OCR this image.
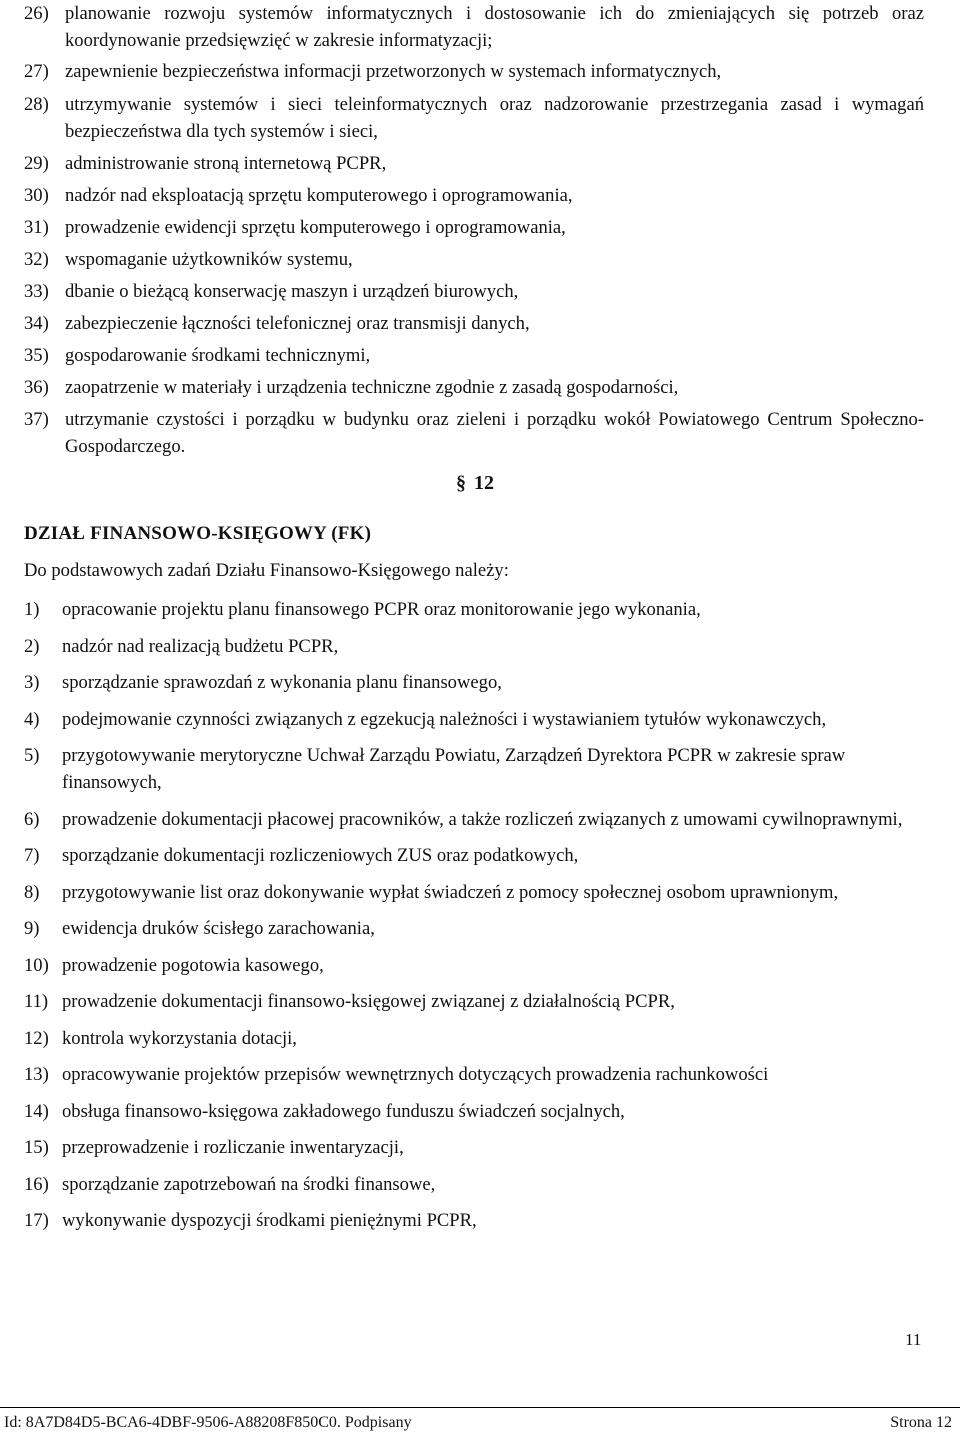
26) planowanie rozwoju systemów informatycznych i dostosowanie ich do zmieniających się potrzeb oraz koordynowanie przedsięwzięć w zakresie informatyzacji;
27) zapewnienie bezpieczeństwa informacji przetworzonych w systemach informatycznych,
28) utrzymywanie systemów i sieci teleinformatycznych oraz nadzorowanie przestrzegania zasad i wymagań bezpieczeństwa dla tych systemów i sieci,
29) administrowanie stroną internetową PCPR,
30) nadzór nad eksploatacją sprzętu komputerowego i oprogramowania,
31) prowadzenie ewidencji sprzętu komputerowego i oprogramowania,
32) wspomaganie użytkowników systemu,
33) dbanie o bieżącą konserwację maszyn i urządzeń biurowych,
34) zabezpieczenie łączności telefonicznej oraz transmisji danych,
35) gospodarowanie środkami technicznymi,
36) zaopatrzenie w materiały i urządzenia techniczne zgodnie z zasadą gospodarności,
37) utrzymanie czystości i porządku w budynku oraz zieleni i porządku wokół Powiatowego Centrum Społeczno-Gospodarczego.
§ 12
DZIAŁ FINANSOWO-KSIĘGOWY (FK)
Do podstawowych zadań Działu Finansowo-Księgowego należy:
1)	opracowanie projektu planu finansowego PCPR oraz monitorowanie jego wykonania,
2)	nadzór nad realizacją budżetu PCPR,
3)	sporządzanie sprawozdań z wykonania planu finansowego,
4)	podejmowanie czynności związanych z egzekucją należności i wystawianiem tytułów wykonawczych,
5)	przygotowywanie merytoryczne Uchwał Zarządu Powiatu, Zarządzeń Dyrektora PCPR w zakresie spraw finansowych,
6)	prowadzenie dokumentacji płacowej pracowników, a także rozliczeń związanych z umowami cywilnoprawnymi,
7)	sporządzanie dokumentacji rozliczeniowych ZUS oraz podatkowych,
8)	przygotowywanie list oraz dokonywanie wypłat świadczeń z pomocy społecznej osobom uprawnionym,
9)	ewidencja druków ścisłego zarachowania,
10) prowadzenie pogotowia kasowego,
11) prowadzenie dokumentacji finansowo-księgowej związanej z działalnością PCPR,
12) kontrola wykorzystania dotacji,
13) opracowywanie projektów przepisów wewnętrznych dotyczących prowadzenia rachunkowości
14) obsługa finansowo-księgowa zakładowego funduszu świadczeń socjalnych,
15) przeprowadzenie i rozliczanie inwentaryzacji,
16) sporządzanie zapotrzebowań na środki finansowe,
17) wykonywanie dyspozycji środkami pieniężnymi PCPR,
11
Id: 8A7D84D5-BCA6-4DBF-9506-A88208F850C0. Podpisany	Strona 12
